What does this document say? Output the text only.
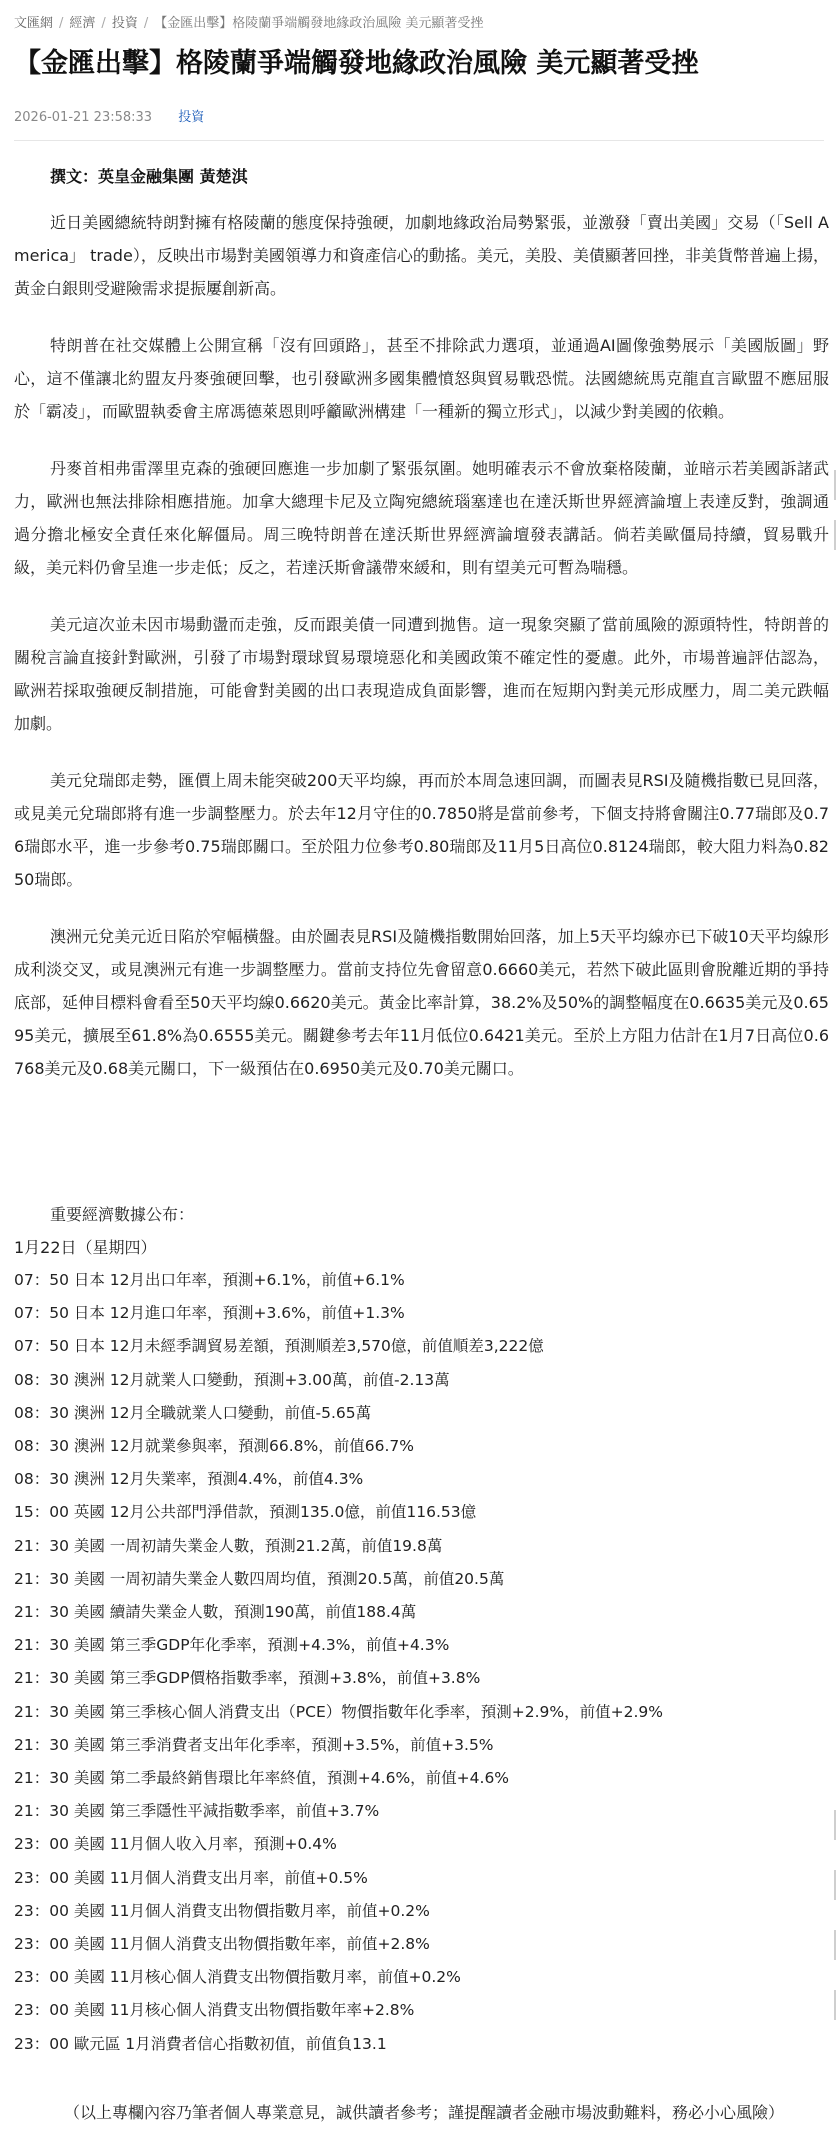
文匯網 / 經濟 / 投資 / 【金匯出擊】格陵蘭爭端觸發地緣政治風險 美元顯著受挫
【金匯出擊】格陵蘭爭端觸發地緣政治風險 美元顯著受挫
2026-01-21 23:58:33 投資
撰文：英皇金融集團 黃楚淇

近日美國總統特朗對擁有格陵蘭的態度保持強硬，加劇地緣政治局勢緊張，並激發「賣出美國」交易（「Sell America」 trade），反映出市場對美國領導力和資產信心的動搖。美元，美股、美債顯著回挫，非美貨幣普遍上揚，黃金白銀則受避險需求提振屢創新高。

特朗普在社交媒體上公開宣稱「沒有回頭路」，甚至不排除武力選項，並通過AI圖像強勢展示「美國版圖」野心，這不僅讓北約盟友丹麥強硬回擊，也引發歐洲多國集體憤怒與貿易戰恐慌。法國總統馬克龍直言歐盟不應屈服於「霸凌」，而歐盟執委會主席馮德萊恩則呼籲歐洲構建「一種新的獨立形式」，以減少對美國的依賴。

丹麥首相弗雷澤里克森的強硬回應進一步加劇了緊張氛圍。她明確表示不會放棄格陵蘭，並暗示若美國訴諸武力，歐洲也無法排除相應措施。加拿大總理卡尼及立陶宛總統瑙塞達也在達沃斯世界經濟論壇上表達反對，強調通過分擔北極安全責任來化解僵局。周三晚特朗普在達沃斯世界經濟論壇發表講話。倘若美歐僵局持續，貿易戰升級，美元料仍會呈進一步走低；反之，若達沃斯會議帶來緩和，則有望美元可暫為喘穩。

美元這次並未因市場動盪而走強，反而跟美債一同遭到拋售。這一現象突顯了當前風險的源頭特性，特朗普的關稅言論直接針對歐洲，引發了市場對環球貿易環境惡化和美國政策不確定性的憂慮。此外，市場普遍評估認為，歐洲若採取強硬反制措施，可能會對美國的出口表現造成負面影響，進而在短期內對美元形成壓力，周二美元跌幅加劇。

美元兌瑞郎走勢，匯價上周未能突破200天平均線，再而於本周急速回調，而圖表見RSI及隨機指數已見回落，或見美元兌瑞郎將有進一步調整壓力。於去年12月守住的0.7850將是當前參考，下個支持將會關注0.77瑞郎及0.76瑞郎水平，進一步參考0.75瑞郎關口。至於阻力位參考0.80瑞郎及11月5日高位0.8124瑞郎，較大阻力料為0.8250瑞郎。

澳洲元兌美元近日陷於窄幅橫盤。由於圖表見RSI及隨機指數開始回落，加上5天平均線亦已下破10天平均線形成利淡交叉，或見澳洲元有進一步調整壓力。當前支持位先會留意0.6660美元，若然下破此區則會脫離近期的爭持底部，延伸目標料會看至50天平均線0.6620美元。黃金比率計算，38.2%及50%的調整幅度在0.6635美元及0.6595美元，擴展至61.8%為0.6555美元。關鍵參考去年11月低位0.6421美元。至於上方阻力估計在1月7日高位0.6768美元及0.68美元關口，下一級預估在0.6950美元及0.70美元關口。

重要經濟數據公布：
1月22日（星期四）
07：50 日本 12月出口年率，預測+6.1%，前值+6.1%
07：50 日本 12月進口年率，預測+3.6%，前值+1.3%
07：50 日本 12月未經季調貿易差額，預測順差3,570億，前值順差3,222億
08：30 澳洲 12月就業人口變動，預測+3.00萬，前值-2.13萬
08：30 澳洲 12月全職就業人口變動，前值-5.65萬
08：30 澳洲 12月就業參與率，預測66.8%，前值66.7%
08：30 澳洲 12月失業率，預測4.4%，前值4.3%
15：00 英國 12月公共部門淨借款，預測135.0億，前值116.53億
21：30 美國 一周初請失業金人數，預測21.2萬，前值19.8萬
21：30 美國 一周初請失業金人數四周均值，預測20.5萬，前值20.5萬
21：30 美國 續請失業金人數，預測190萬，前值188.4萬
21：30 美國 第三季GDP年化季率，預測+4.3%，前值+4.3%
21：30 美國 第三季GDP價格指數季率，預測+3.8%，前值+3.8%
21：30 美國 第三季核心個人消費支出（PCE）物價指數年化季率，預測+2.9%，前值+2.9%
21：30 美國 第三季消費者支出年化季率，預測+3.5%，前值+3.5%
21：30 美國 第二季最終銷售環比年率終值，預測+4.6%，前值+4.6%
21：30 美國 第三季隱性平減指數季率，前值+3.7%
23：00 美國 11月個人收入月率，預測+0.4%
23：00 美國 11月個人消費支出月率，前值+0.5%
23：00 美國 11月個人消費支出物價指數月率，前值+0.2%
23：00 美國 11月個人消費支出物價指數年率，前值+2.8%
23：00 美國 11月核心個人消費支出物價指數月率，前值+0.2%
23：00 美國 11月核心個人消費支出物價指數年率+2.8%
23：00 歐元區 1月消費者信心指數初值，前值負13.1

（以上專欄內容乃筆者個人專業意見，誠供讀者參考；謹提醒讀者金融市場波動難料，務必小心風險）
